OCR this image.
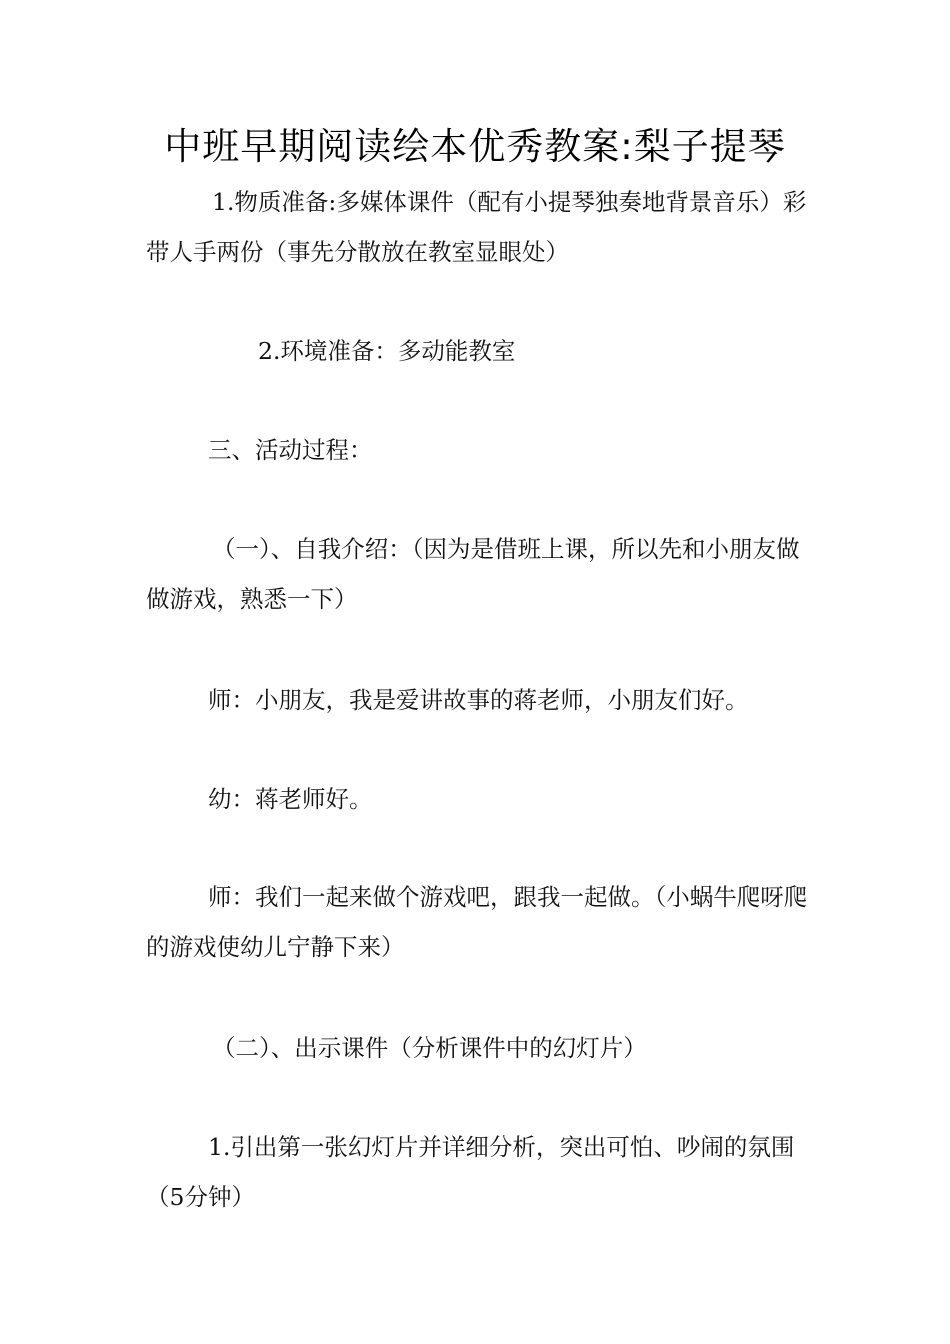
中班早期阅读绘本优秀教案:梨子提琴
1.物质准备:多媒体课件（配有小提琴独奏地背景音乐）彩带人手两份（事先分散放在教室显眼处）
2.环境准备：多动能教室
三、活动过程：
（一）、自我介绍：（因为是借班上课，所以先和小朋友做做游戏，熟悉一下）
师：小朋友，我是爱讲故事的蒋老师，小朋友们好。
幼：蒋老师好。
师：我们一起来做个游戏吧，跟我一起做。（小蜗牛爬呀爬的游戏使幼儿宁静下来）
（二）、出示课件（分析课件中的幻灯片）
1.引出第一张幻灯片并详细分析，突出可怕、吵闹的氛围（5分钟）
